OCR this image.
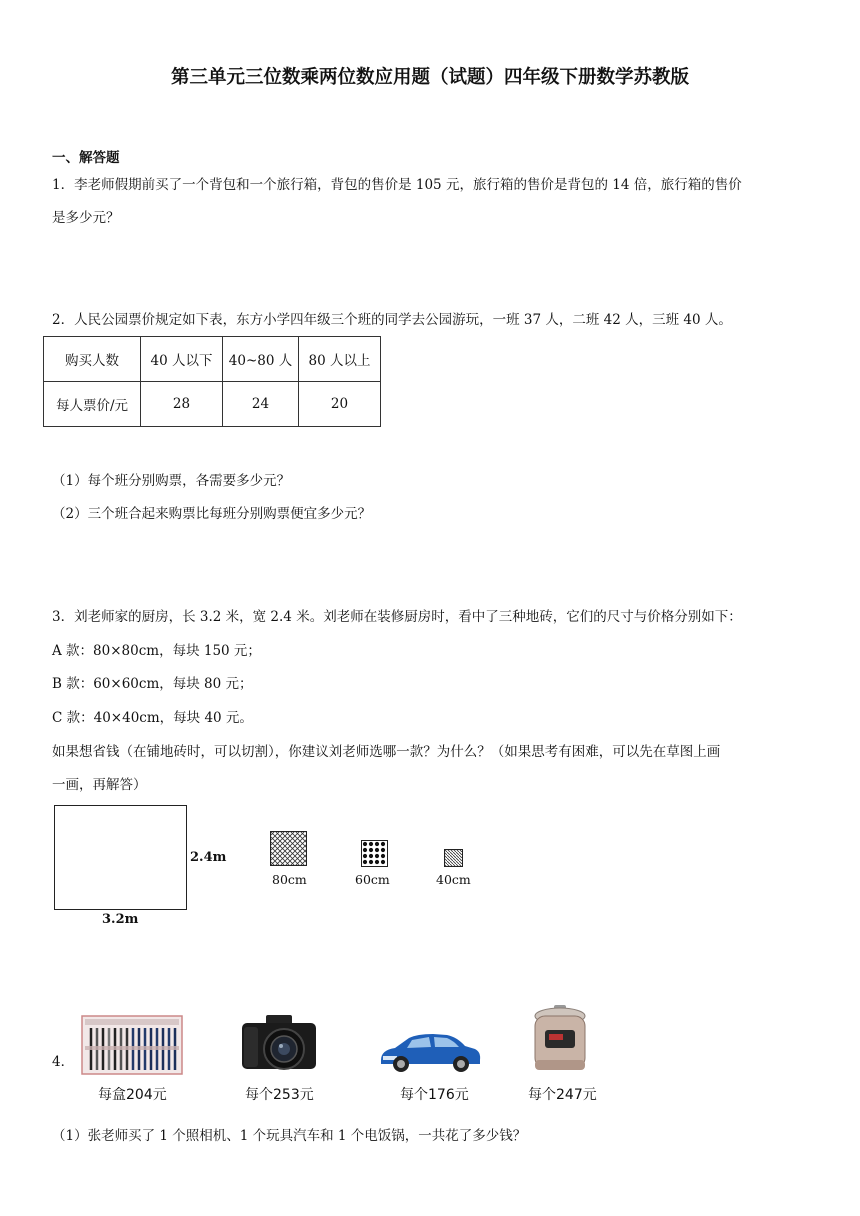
第三单元三位数乘两位数应用题（试题）四年级下册数学苏教版
一、解答题
1．李老师假期前买了一个背包和一个旅行箱，背包的售价是 105 元，旅行箱的售价是背包的 14 倍，旅行箱的售价
是多少元？
2．人民公园票价规定如下表，东方小学四年级三个班的同学去公园游玩，一班 37 人，二班 42 人，三班 40 人。
购买人数	40 人以下	40~80 人	80 人以上
每人票价/元	28	24	20
（1）每个班分别购票，各需要多少元？
（2）三个班合起来购票比每班分别购票便宜多少元？
3．刘老师家的厨房，长 3.2 米，宽 2.4 米。刘老师在装修厨房时，看中了三种地砖，它们的尺寸与价格分别如下：
A 款：80×80cm，每块 150 元；
B 款：60×60cm，每块 80 元；
C 款：40×40cm，每块 40 元。
如果想省钱（在铺地砖时，可以切割），你建议刘老师选哪一款？为什么？（如果思考有困难，可以先在草图上画
一画，再解答）
2.4m
3.2m
80cm	60cm	40cm
4．
每盒204元	每个253元	每个176元	每个247元
（1）张老师买了 1 个照相机、1 个玩具汽车和 1 个电饭锅，一共花了多少钱？
